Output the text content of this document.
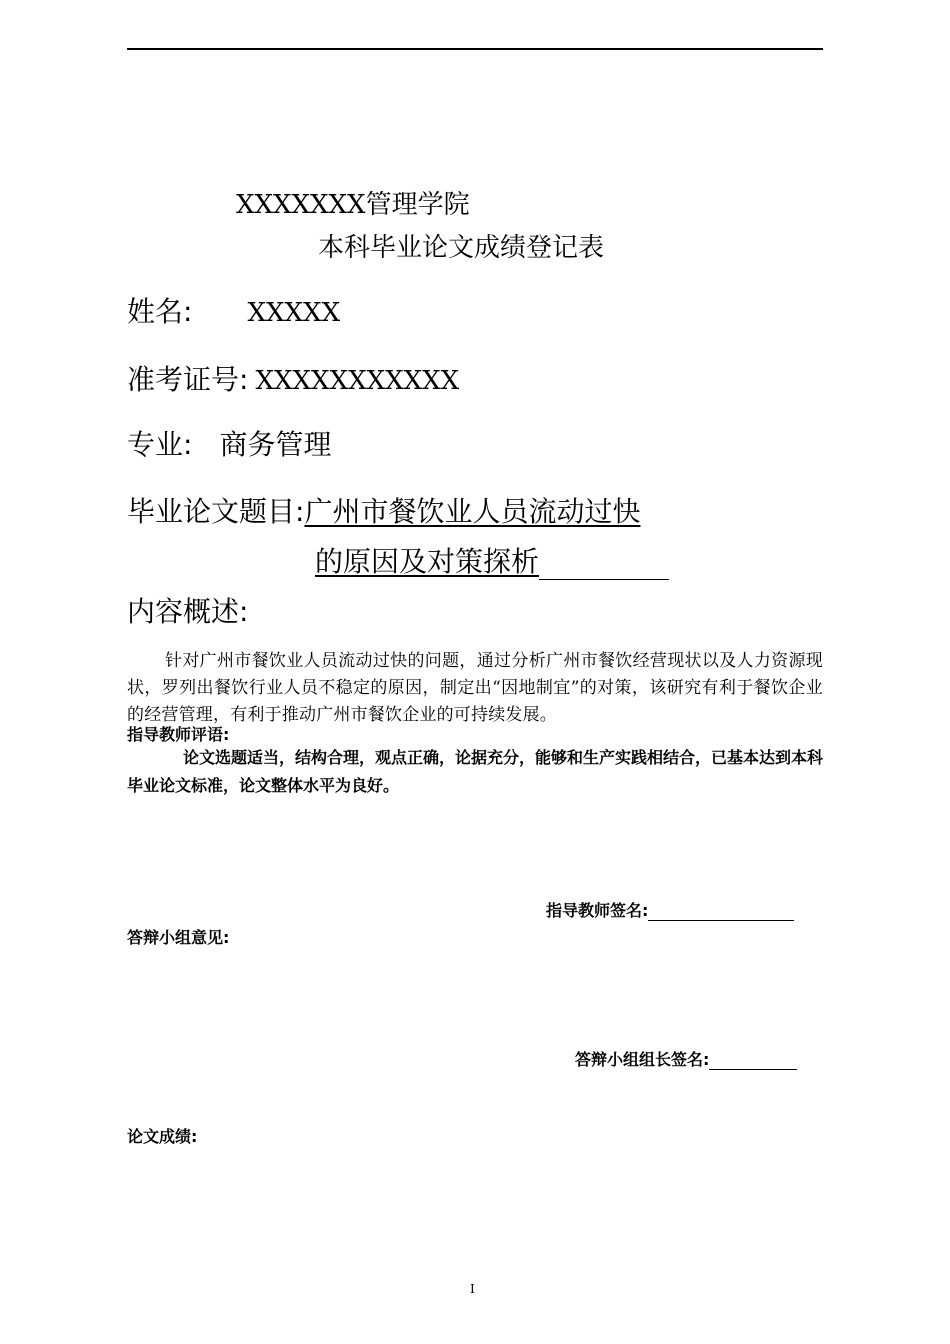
XXXXXXX管理学院
本科毕业论文成绩登记表
姓名: XXXXX
准考证号: XXXXXXXXXXX
专业: 商务管理
毕业论文题目:广州市餐饮业人员流动过快
的原因及对策探析
内容概述:
针对广州市餐饮业人员流动过快的问题，通过分析广州市餐饮经营现状以及人力资源现状，罗列出餐饮行业人员不稳定的原因，制定出“因地制宜”的对策，该研究有利于餐饮企业的经营管理，有利于推动广州市餐饮企业的可持续发展。
指导教师评语:
论文选题适当，结构合理，观点正确，论据充分，能够和生产实践相结合，已基本达到本科毕业论文标准，论文整体水平为良好。
指导教师签名:
答辩小组意见:
答辩小组组长签名:
论文成绩:
I
